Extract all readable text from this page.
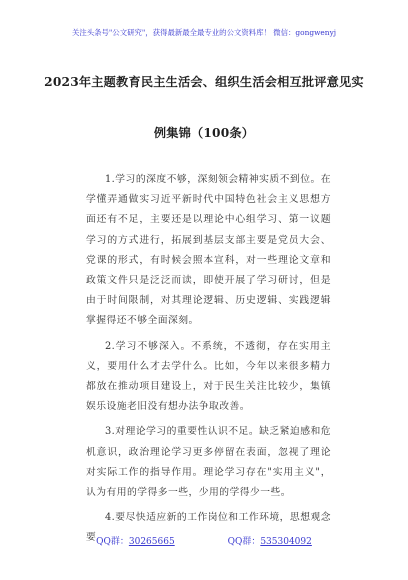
关注头条号"公文研究"，获得最新最全最专业的公文资料库！ 微信：gongwenyj
2023年主题教育民主生活会、组织生活会相互批评意见实
例集锦（100条）

1.学习的深度不够，深刻领会精神实质不到位。在学懂弄通做实习近平新时代中国特色社会主义思想方面还有不足，主要还是以理论中心组学习、第一议题学习的方式进行，拓展到基层支部主要是党员大会、党课的形式，有时候会照本宣科，对一些理论文章和政策文件只是泛泛而读，即使开展了学习研讨，但是由于时间限制，对其理论逻辑、历史逻辑、实践逻辑掌握得还不够全面深刻。

2.学习不够深入。不系统，不透彻，存在实用主义，要用什么才去学什么。比如，今年以来很多精力都放在推动项目建设上，对于民生关注比较少，集镇娱乐设施老旧没有想办法争取改善。

3.对理论学习的重要性认识不足。缺乏紧迫感和危机意识，政治理论学习更多停留在表面，忽视了理论对实际工作的指导作用。理论学习存在"实用主义"，认为有用的学得多一些，少用的学得少一些。

4.要尽快适应新的工作岗位和工作环境，思想观念要 QQ群：30265665	QQ群：535304092
